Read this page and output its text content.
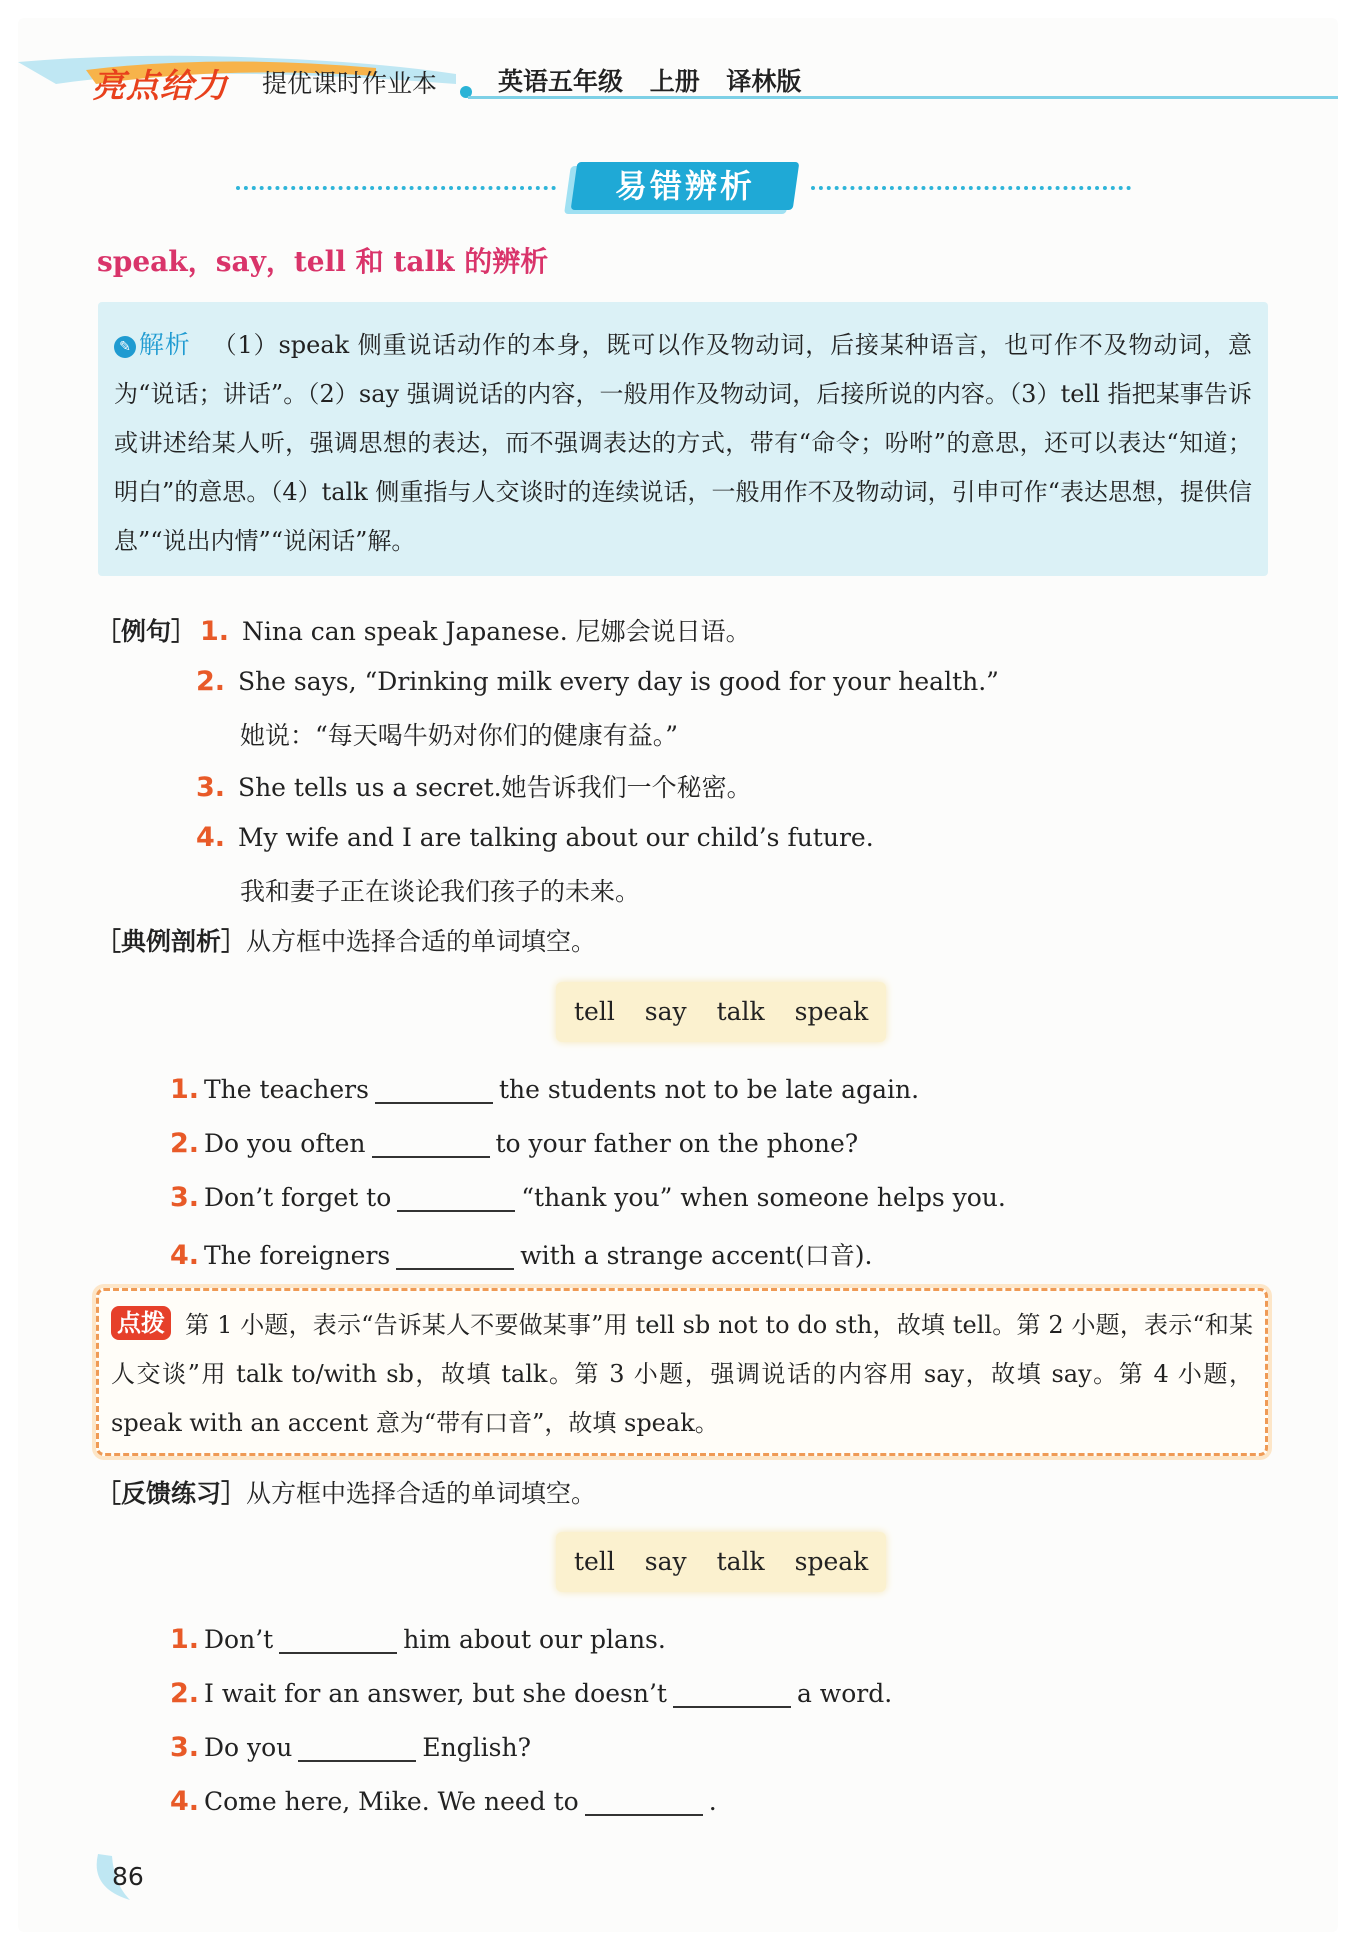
亮点给力 提优课时作业本 英语五年级 上册 译林版
易错辨析
speak，say，tell 和 talk 的辨析

✎ 解析 （1）speak 侧重说话动作的本身，既可以作及物动词，后接某种语言，也可作不及物动词，意为“说话；讲话”。（2）say 强调说话的内容，一般用作及物动词，后接所说的内容。（3）tell 指把某事告诉或讲述给某人听，强调思想的表达，而不强调表达的方式，带有“命令；吩咐”的意思，还可以表达“知道；明白”的意思。（4）talk 侧重指与人交谈时的连续说话，一般用作不及物动词，引申可作“表达思想，提供信息”“说出内情”“说闲话”解。

［例句］ 1. Nina can speak Japanese. 尼娜会说日语。
2. She says, “Drinking milk every day is good for your health.”
她说：“每天喝牛奶对你们的健康有益。”
3. She tells us a secret.她告诉我们一个秘密。
4. My wife and I are talking about our child’s future.
我和妻子正在谈论我们孩子的未来。
［典例剖析］从方框中选择合适的单词填空。
tell say talk speak
1. The teachers	the students not to be late again.
2. Do you often	to your father on the phone?
3. Don’t forget to	“thank you” when someone helps you.
4. The foreigners	with a strange accent(口音).

点拨 第 1 小题，表示“告诉某人不要做某事”用 tell sb not to do sth，故填 tell。第 2 小题，表示“和某人交谈”用 talk to/with sb，故填 talk。第 3 小题，强调说话的内容用 say，故填 say。第 4 小题，speak with an accent 意为“带有口音”，故填 speak。

［反馈练习］从方框中选择合适的单词填空。
tell say talk speak
1. Don’t	him about our plans.
2. I wait for an answer, but she doesn’t	a word.
3. Do you	English?
4. Come here, Mike. We need to	.
86
